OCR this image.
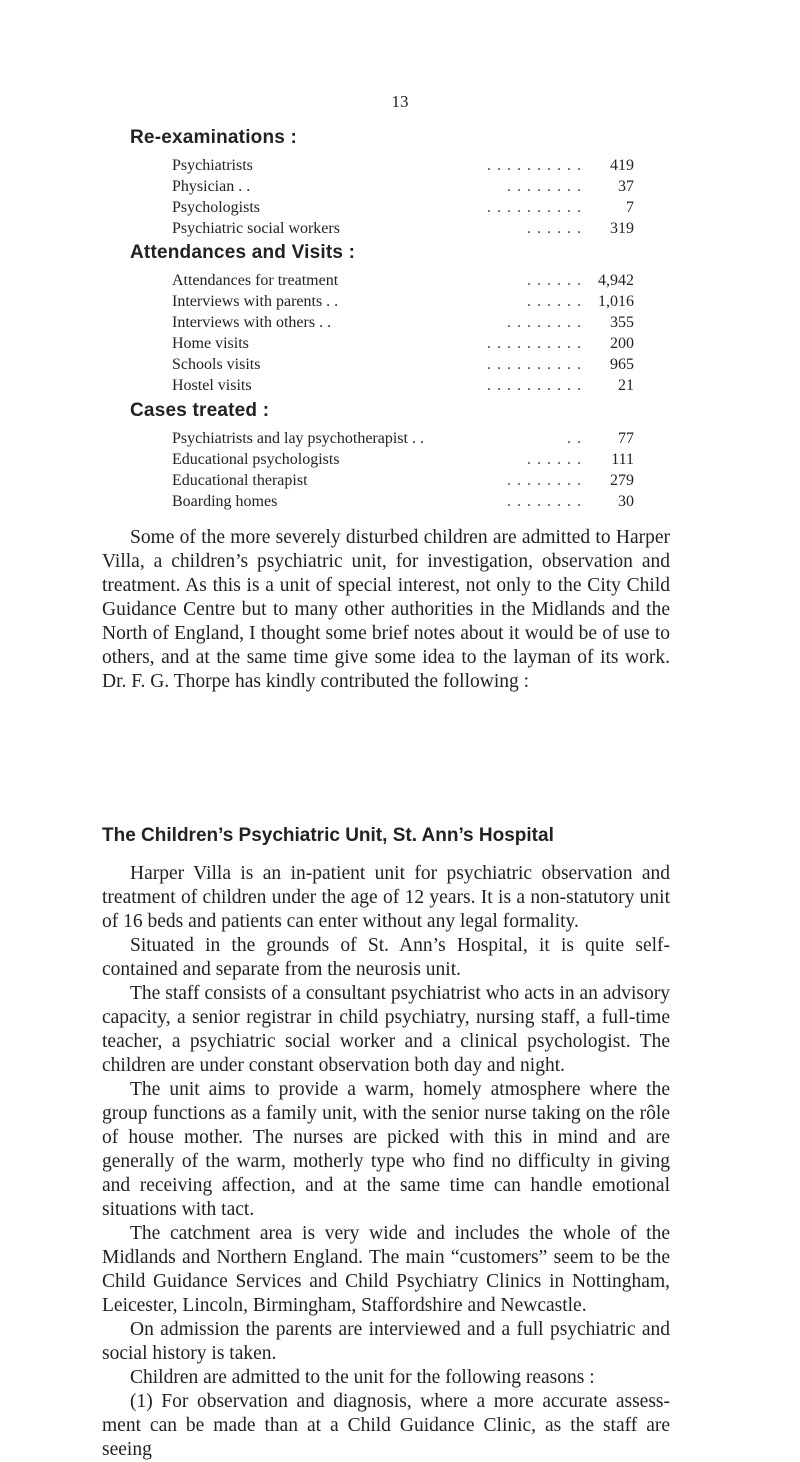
13
Re-examinations :
Psychiatrists	. . . . . . . . . . 419
Physician . .	. . . . . . . . 37
Psychologists	. . . . . . . . . .	7
Psychiatric social workers	. . . . . . 319
Attendances and Visits :
Attendances for treatment	. . . . . . 4,942
Interviews with parents . .	. . . . . . 1,016
Interviews with others . .	. . . . . . . . 355
Home visits	. . . . . . . . . . 200
Schools visits	. . . . . . . . . . 965
Hostel visits	. . . . . . . . . . 21
Cases treated :
Psychiatrists and lay psychotherapist . .	. . 77
Educational psychologists	. . . . . . 111
Educational therapist	. . . . . . . . 279
Boarding homes	. . . . . . . . 30

Some of the more severely disturbed children are admitted to Harper Villa, a children’s psychiatric unit, for investigation, observation and treatment. As this is a unit of special interest, not only to the City Child Guidance Centre but to many other authorities in the Midlands and the North of England, I thought some brief notes about it would be of use to others, and at the same time give some idea to the layman of its work. Dr. F. G. Thorpe has kindly contributed the following :

The Children’s Psychiatric Unit, St. Ann’s Hospital

Harper Villa is an in-patient unit for psychiatric observation and treatment of children under the age of 12 years. It is a non-statutory unit of 16 beds and patients can enter without any legal formality.

Situated in the grounds of St. Ann’s Hospital, it is quite self-contained and separate from the neurosis unit.

The staff consists of a consultant psychiatrist who acts in an advisory capacity, a senior registrar in child psychiatry, nursing staff, a full-time teacher, a psychiatric social worker and a clinical psychologist. The children are under constant observation both day and night.

The unit aims to provide a warm, homely atmosphere where the group functions as a family unit, with the senior nurse taking on the rôle of house mother. The nurses are picked with this in mind and are generally of the warm, motherly type who find no difficulty in giving and receiving affection, and at the same time can handle emotional situations with tact.

The catchment area is very wide and includes the whole of the Midlands and Northern England. The main “customers” seem to be the Child Guidance Services and Child Psychiatry Clinics in Nottingham, Leicester, Lincoln, Birmingham, Staffordshire and Newcastle.

On admission the parents are interviewed and a full psychiatric and social history is taken.

Children are admitted to the unit for the following reasons :

(1) For observation and diagnosis, where a more accurate assess-ment can be made than at a Child Guidance Clinic, as the staff are seeing
